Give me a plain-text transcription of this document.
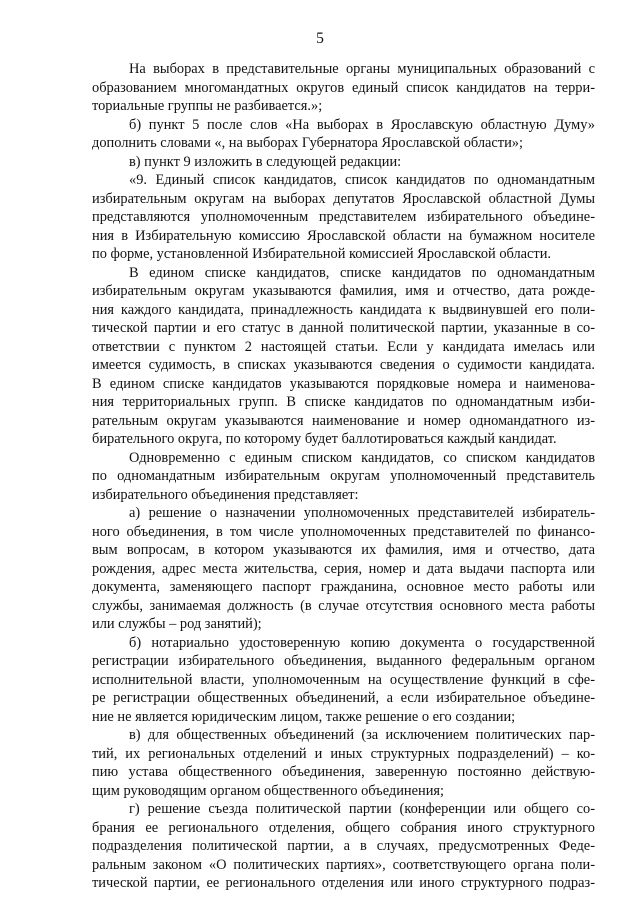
5
На выборах в представительные органы муниципальных образований с
образованием многомандатных округов единый список кандидатов на терри-
ториальные группы не разбивается.»;
б) пункт 5 после слов «На выборах в Ярославскую областную Думу»
дополнить словами «, на выборах Губернатора Ярославской области»;
в) пункт 9 изложить в следующей редакции:
«9. Единый список кандидатов, список кандидатов по одномандатным
избирательным округам на выборах депутатов Ярославской областной Думы
представляются уполномоченным представителем избирательного объедине-
ния в Избирательную комиссию Ярославской области на бумажном носителе
по форме, установленной Избирательной комиссией Ярославской области.
В едином списке кандидатов, списке кандидатов по одномандатным
избирательным округам указываются фамилия, имя и отчество, дата рожде-
ния каждого кандидата, принадлежность кандидата к выдвинувшей его поли-
тической партии и его статус в данной политической партии, указанные в со-
ответствии с пунктом 2 настоящей статьи. Если у кандидата имелась или
имеется судимость, в списках указываются сведения о судимости кандидата.
В едином списке кандидатов указываются порядковые номера и наименова-
ния территориальных групп. В списке кандидатов по одномандатным изби-
рательным округам указываются наименование и номер одномандатного из-
бирательного округа, по которому будет баллотироваться каждый кандидат.
Одновременно с единым списком кандидатов, со списком кандидатов
по одномандатным избирательным округам уполномоченный представитель
избирательного объединения представляет:
а) решение о назначении уполномоченных представителей избиратель-
ного объединения, в том числе уполномоченных представителей по финансо-
вым вопросам, в котором указываются их фамилия, имя и отчество, дата
рождения, адрес места жительства, серия, номер и дата выдачи паспорта или
документа, заменяющего паспорт гражданина, основное место работы или
службы, занимаемая должность (в случае отсутствия основного места работы
или службы – род занятий);
б) нотариально удостоверенную копию документа о государственной
регистрации избирательного объединения, выданного федеральным органом
исполнительной власти, уполномоченным на осуществление функций в сфе-
ре регистрации общественных объединений, а если избирательное объедине-
ние не является юридическим лицом, также решение о его создании;
в) для общественных объединений (за исключением политических пар-
тий, их региональных отделений и иных структурных подразделений) – ко-
пию устава общественного объединения, заверенную постоянно действую-
щим руководящим органом общественного объединения;
г) решение съезда политической партии (конференции или общего со-
брания ее регионального отделения, общего собрания иного структурного
подразделения политической партии, а в случаях, предусмотренных Феде-
ральным законом «О политических партиях», соответствующего органа поли-
тической партии, ее регионального отделения или иного структурного подраз-
